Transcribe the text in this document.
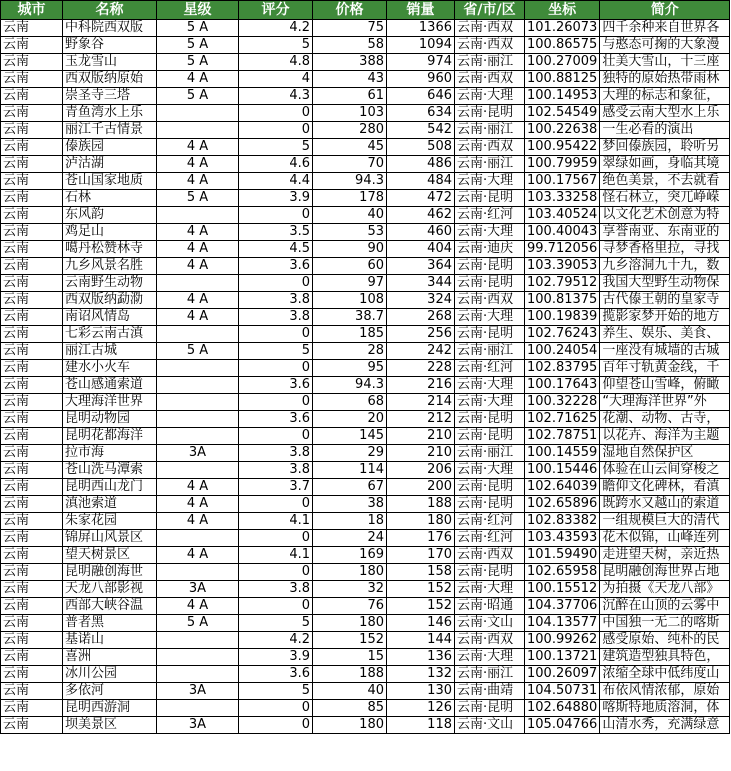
城市	名称	星级	评分	价格	销量	省/市/区	坐标	简介
云南	中科院西双版	5 A	4.2	75	1366	云南·西双	101.26073	四千余种来自世界各
云南	野象谷	5 A	5	58	1094	云南·西双	100.86575	与憨态可掬的大象漫
云南	玉龙雪山	5 A	4.8	388	974	云南·丽江	100.27009	壮美大雪山，十三座
云南	西双版纳原始	4 A	4	43	960	云南·西双	100.88125	独特的原始热带雨林
云南	崇圣寺三塔	5 A	4.3	61	646	云南·大理	100.14953	大理的标志和象征，
云南	青鱼湾水上乐		0	103	634	云南·昆明	102.54549	感受云南大型水上乐
云南	丽江千古情景		0	280	542	云南·丽江	100.22638	一生必看的演出
云南	傣族园	4 A	5	45	508	云南·西双	100.95422	梦回傣族园，聆听另
云南	泸沽湖	4 A	4.6	70	486	云南·丽江	100.79959	翠绿如画，身临其境
云南	苍山国家地质	4 A	4.4	94.3	484	云南·大理	100.17567	绝色美景，不去就看
云南	石林	5 A	3.9	178	472	云南·昆明	103.33258	怪石林立，突兀峥嵘
云南	东风韵		0	40	462	云南·红河	103.40524	以文化艺术创意为特
云南	鸡足山	4 A	3.5	53	460	云南·大理	100.40043	享誉南亚、东南亚的
云南	噶丹松赞林寺	4 A	4.5	90	404	云南·迪庆	99.712056	寻梦香格里拉，寻找
云南	九乡风景名胜	4 A	3.6	60	364	云南·昆明	103.39053	九乡溶洞九十九，数
云南	云南野生动物		0	97	344	云南·昆明	102.79512	我国大型野生动物保
云南	西双版纳勐泐	4 A	3.8	108	324	云南·西双	100.81375	古代傣王朝的皇家寺
云南	南诏风情岛	4 A	3.8	38.7	268	云南·大理	100.19839	揽影家梦开始的地方
云南	七彩云南古滇		0	185	256	云南·昆明	102.76243	养生、娱乐、美食、
云南	丽江古城	5 A	5	28	242	云南·丽江	100.24054	一座没有城墙的古城
云南	建水小火车		0	95	228	云南·红河	102.83795	百年寸轨黄金线，千
云南	苍山感通索道		3.6	94.3	216	云南·大理	100.17643	仰望苍山雪峰，俯瞰
云南	大理海洋世界		0	68	214	云南·大理	100.32228	“大理海洋世界”外
云南	昆明动物园		3.6	20	212	云南·昆明	102.71625	花潮、动物、古寺，
云南	昆明花都海洋		0	145	210	云南·昆明	102.78751	以花卉、海洋为主题
云南	拉市海	3A	3.8	29	210	云南·丽江	100.14559	湿地自然保护区
云南	苍山洗马潭索		3.8	114	206	云南·大理	100.15446	体验在山云间穿梭之
云南	昆明西山龙门	4 A	3.7	67	200	云南·昆明	102.64039	瞻仰文化碑林，看滇
云南	滇池索道	4 A	0	38	188	云南·昆明	102.65896	既跨水又越山的索道
云南	朱家花园	4 A	4.1	18	180	云南·红河	102.83382	一组规模巨大的清代
云南	锦屏山风景区		0	24	176	云南·红河	103.43593	花木似锦，山峰连列
云南	望天树景区	4 A	4.1	169	170	云南·西双	101.59490	走进望天树，亲近热
云南	昆明融创海世		0	180	158	云南·昆明	102.65958	昆明融创海世界占地
云南	天龙八部影视	3A	3.8	32	152	云南·大理	100.15512	为拍摄《天龙八部》
云南	西部大峡谷温	4 A	0	76	152	云南·昭通	104.37706	沉醉在山顶的云雾中
云南	普者黑	5 A	5	180	146	云南·文山	104.13577	中国独一无二的喀斯
云南	基诺山		4.2	152	144	云南·西双	100.99262	感受原始、纯朴的民
云南	喜洲		3.9	15	136	云南·大理	100.13721	建筑造型独具特色，
云南	冰川公园		3.6	188	132	云南·丽江	100.26097	浓缩全球中低纬度山
云南	多依河	3A	5	40	130	云南·曲靖	104.50731	布依风情浓郁，原始
云南	昆明西游洞		0	85	126	云南·昆明	102.64880	喀斯特地质溶洞，体
云南	坝美景区	3A	0	180	118	云南·文山	105.04766	山清水秀，充满绿意
